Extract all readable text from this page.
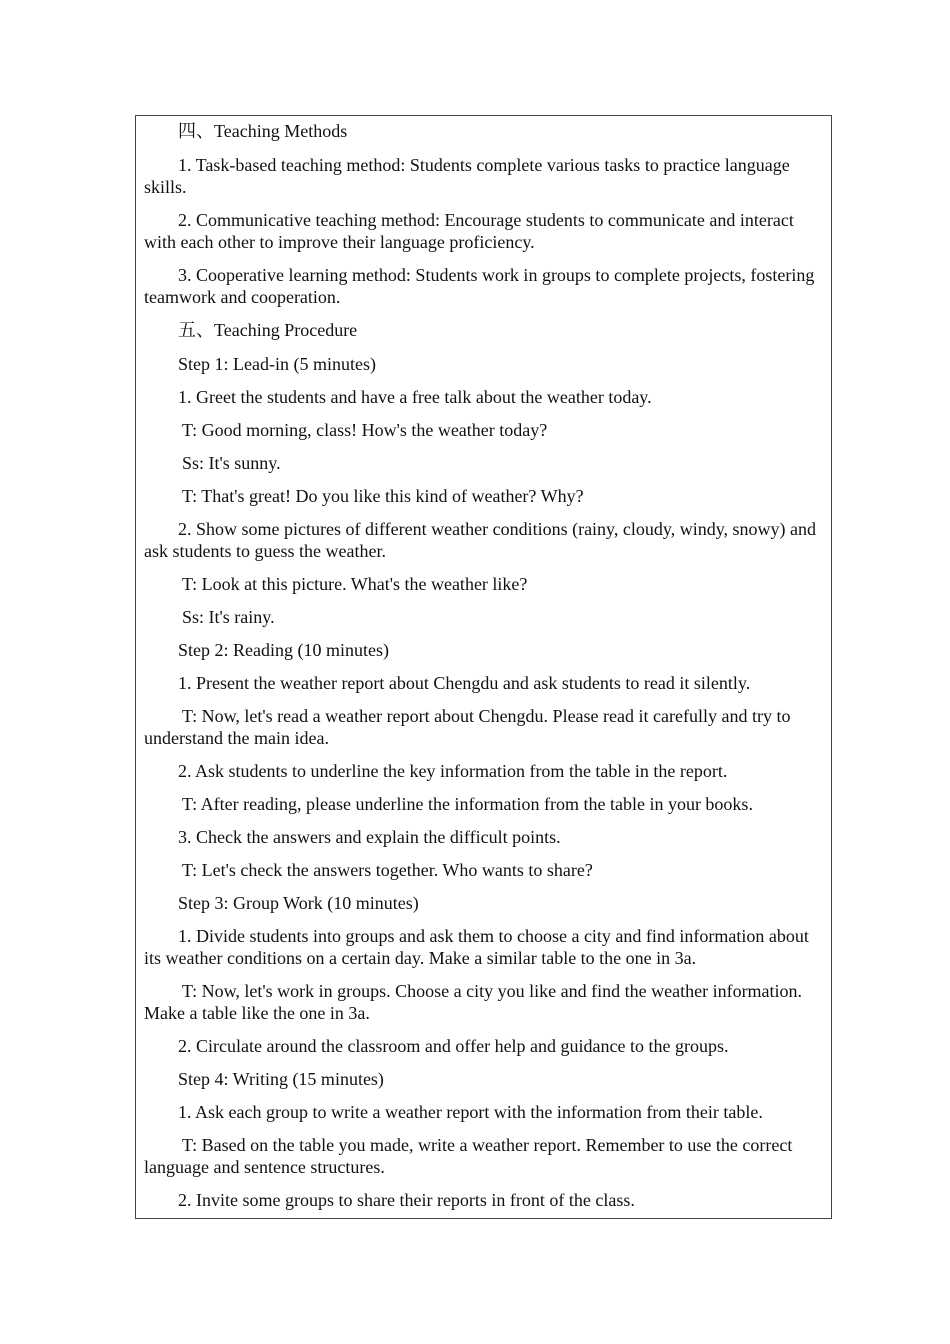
四、Teaching Methods

1. Task-based teaching method: Students complete various tasks to practice language skills.

2. Communicative teaching method: Encourage students to communicate and interact with each other to improve their language proficiency.

3. Cooperative learning method: Students work in groups to complete projects, fostering teamwork and cooperation.

五、Teaching Procedure

Step 1: Lead-in (5 minutes)

1. Greet the students and have a free talk about the weather today.

T: Good morning, class! How's the weather today?

Ss: It's sunny.

T: That's great! Do you like this kind of weather? Why?

2. Show some pictures of different weather conditions (rainy, cloudy, windy, snowy) and ask students to guess the weather.

T: Look at this picture. What's the weather like?

Ss: It's rainy.

Step 2: Reading (10 minutes)

1. Present the weather report about Chengdu and ask students to read it silently.

T: Now, let's read a weather report about Chengdu. Please read it carefully and try to understand the main idea.

2. Ask students to underline the key information from the table in the report.

T: After reading, please underline the information from the table in your books.

3. Check the answers and explain the difficult points.

T: Let's check the answers together. Who wants to share?

Step 3: Group Work (10 minutes)

1. Divide students into groups and ask them to choose a city and find information about its weather conditions on a certain day. Make a similar table to the one in 3a.

T: Now, let's work in groups. Choose a city you like and find the weather information. Make a table like the one in 3a.

2. Circulate around the classroom and offer help and guidance to the groups.

Step 4: Writing (15 minutes)

1. Ask each group to write a weather report with the information from their table.

T: Based on the table you made, write a weather report. Remember to use the correct language and sentence structures.

2. Invite some groups to share their reports in front of the class.
